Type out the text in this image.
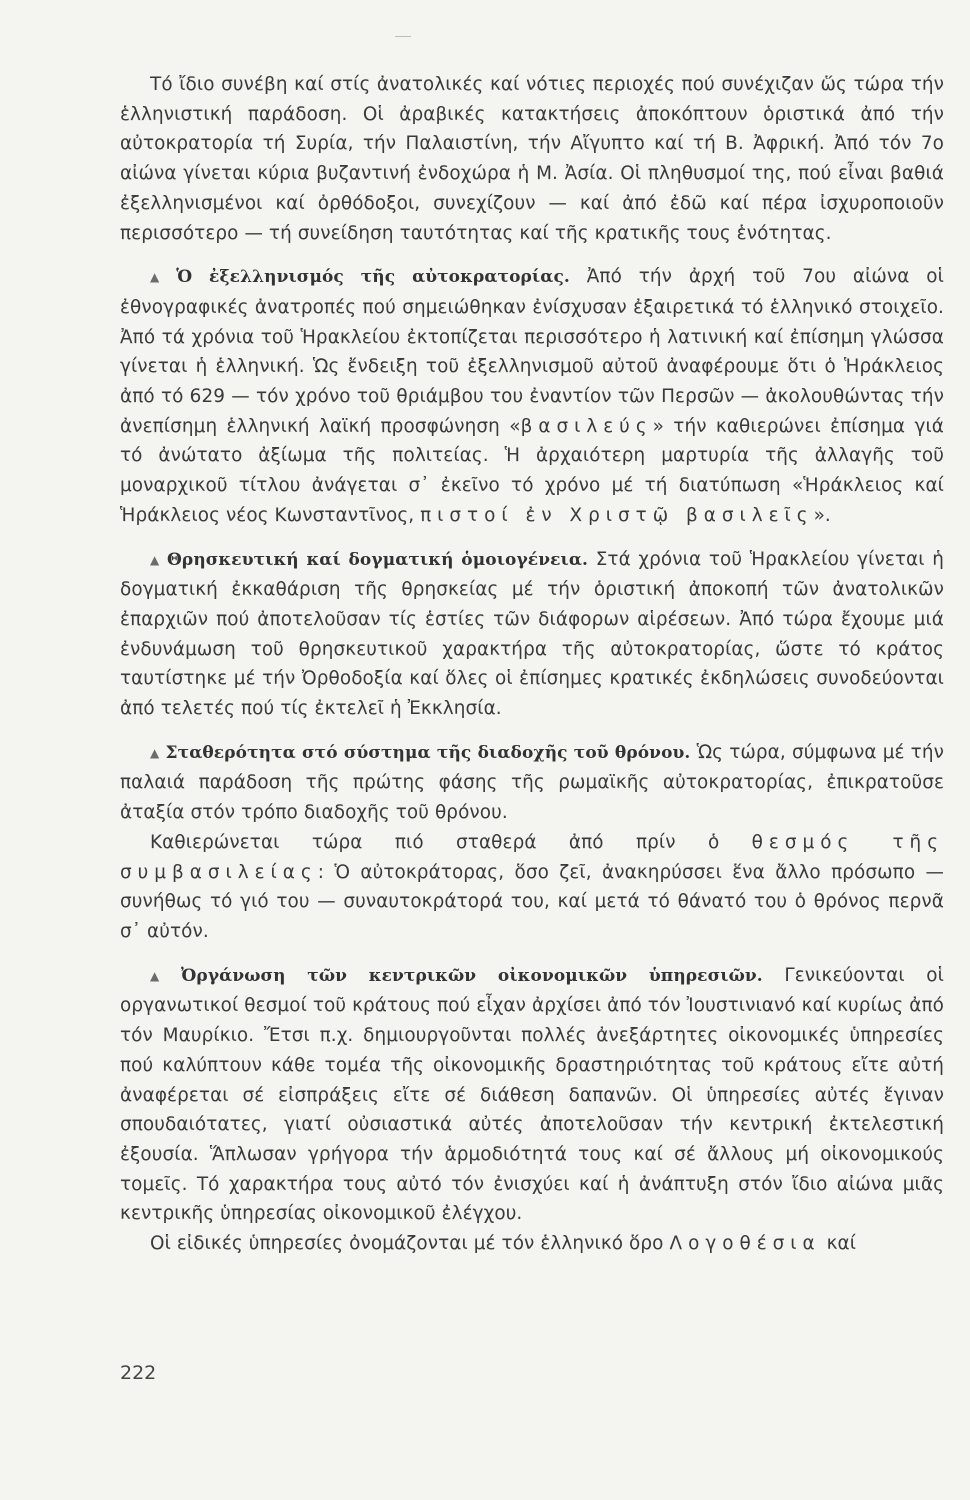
Τό ἴδιο συνέβη καί στίς ἀνατολικές καί νότιες περιοχές πού συνέχιζαν ὥς τώρα τήν ἑλληνιστική παράδοση. Οἱ ἀραβικές κατακτήσεις ἀποκόπτουν ὁριστικά ἀπό τήν αὐτοκρατορία τή Συρία, τήν Παλαιστίνη, τήν Αἴγυπτο καί τή Β. Ἀφρική. Ἀπό τόν 7ο αἰώνα γίνεται κύρια βυζαντινή ἐνδοχώρα ἡ Μ. Ἀσία. Οἱ πληθυσμοί της, πού εἶναι βαθιά ἐξελληνισμένοι καί ὀρθόδοξοι, συνεχίζουν — καί ἀπό ἐδῶ καί πέρα ἰσχυροποιοῦν περισσότερο — τή συνείδηση ταυτότητας καί τῆς κρατικῆς τους ἑνότητας.

▲ Ὁ ἐξελληνισμός τῆς αὐτοκρατορίας. Ἀπό τήν ἀρχή τοῦ 7ου αἰώνα οἱ ἐθνογραφικές ἀνατροπές πού σημειώθηκαν ἐνίσχυσαν ἐξαιρετικά τό ἑλληνικό στοιχεῖο. Ἀπό τά χρόνια τοῦ Ἡρακλείου ἐκτοπίζεται περισσότερο ἡ λατινική καί ἐπίσημη γλώσσα γίνεται ἡ ἑλληνική. Ὡς ἔνδειξη τοῦ ἐξελληνισμοῦ αὐτοῦ ἀναφέρουμε ὅτι ὁ Ἡράκλειος ἀπό τό 629 — τόν χρόνο τοῦ θριάμβου του ἐναντίον τῶν Περσῶν — ἀκολουθώντας τήν ἀνεπίσημη ἑλληνική λαϊκή προσφώνηση «βασιλεύς» τήν καθιερώνει ἐπίσημα γιά τό ἀνώτατο ἀξίωμα τῆς πολιτείας. Ἡ ἀρχαιότερη μαρτυρία τῆς ἀλλαγῆς τοῦ μοναρχικοῦ τίτλου ἀνάγεται σ᾽ ἐκεῖνο τό χρόνο μέ τή διατύπωση «Ἡράκλειος καί Ἡράκλειος νέος Κωνσταντῖνος, πιστοί ἐν Χριστῷ βασιλεῖς».

▲ Θρησκευτική καί δογματική ὁμοιογένεια. Στά χρόνια τοῦ Ἡρακλείου γίνεται ἡ δογματική ἐκκαθάριση τῆς θρησκείας μέ τήν ὁριστική ἀποκοπή τῶν ἀνατολικῶν ἐπαρχιῶν πού ἀποτελοῦσαν τίς ἑστίες τῶν διάφορων αἱρέσεων. Ἀπό τώρα ἔχουμε μιά ἐνδυνάμωση τοῦ θρησκευτικοῦ χαρακτήρα τῆς αὐτοκρατορίας, ὥστε τό κράτος ταυτίστηκε μέ τήν Ὀρθοδοξία καί ὅλες οἱ ἐπίσημες κρατικές ἐκδηλώσεις συνοδεύονται ἀπό τελετές πού τίς ἐκτελεῖ ἡ Ἐκκλησία.

▲ Σταθερότητα στό σύστημα τῆς διαδοχῆς τοῦ θρόνου. Ὡς τώρα, σύμφωνα μέ τήν παλαιά παράδοση τῆς πρώτης φάσης τῆς ρωμαϊκῆς αὐτοκρατορίας, ἐπικρατοῦσε ἀταξία στόν τρόπο διαδοχῆς τοῦ θρόνου.

Καθιερώνεται τώρα πιό σταθερά ἀπό πρίν ὁ θεσμός τῆς συμβασιλείας: Ὁ αὐτοκράτορας, ὅσο ζεῖ, ἀνακηρύσσει ἕνα ἄλλο πρόσωπο — συνήθως τό γιό του — συναυτοκράτορά του, καί μετά τό θάνατό του ὁ θρόνος περνᾶ σ᾽ αὐτόν.

▲ Ὀργάνωση τῶν κεντρικῶν οἰκονομικῶν ὑπηρεσιῶν. Γενικεύονται οἱ οργανωτικοί θεσμοί τοῦ κράτους πού εἶχαν ἀρχίσει ἀπό τόν Ἰουστινιανό καί κυρίως ἀπό τόν Μαυρίκιο. Ἔτσι π.χ. δημιουργοῦνται πολλές ἀνεξάρτητες οἰκονομικές ὑπηρεσίες πού καλύπτουν κάθε τομέα τῆς οἰκονομικῆς δραστηριότητας τοῦ κράτους εἴτε αὐτή ἀναφέρεται σέ εἰσπράξεις εἴτε σέ διάθεση δαπανῶν. Οἱ ὑπηρεσίες αὐτές ἔγιναν σπουδαιότατες, γιατί οὐσιαστικά αὐτές ἀποτελοῦσαν τήν κεντρική ἐκτελεστική ἐξουσία. Ἅπλωσαν γρήγορα τήν ἁρμοδιότητά τους καί σέ ἄλλους μή οἰκονομικούς τομεῖς. Τό χαρακτήρα τους αὐτό τόν ἐνισχύει καί ἡ ἀνάπτυξη στόν ἴδιο αἰώνα μιᾶς κεντρικῆς ὑπηρεσίας οἰκονομικοῦ ἐλέγχου.

Οἱ εἰδικές ὑπηρεσίες ὀνομάζονται μέ τόν ἑλληνικό ὅρο Λογοθέσια καί

222
